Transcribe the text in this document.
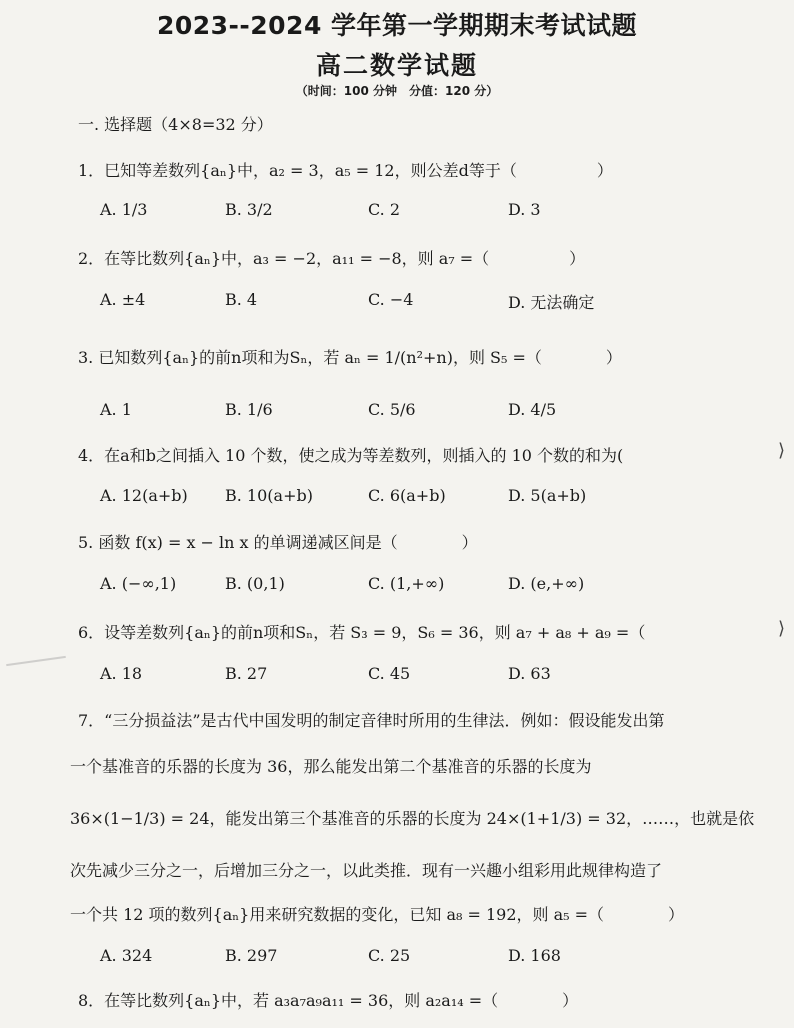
2023--2024 学年第一学期期末考试试题
高二数学试题
（时间：100 分钟　分值：120 分）
一. 选择题（4×8=32 分）
1．巳知等差数列{aₙ}中，a₂ = 3，a₅ = 12，则公差d等于（　　　　　）
A. 1/3	B. 3/2	C. 2	D. 3
2．在等比数列{aₙ}中，a₃ = −2，a₁₁ = −8，则 a₇ =（　　　　　）
A. ±4	B. 4	C. −4	D. 无法确定
3. 已知数列{aₙ}的前n项和为Sₙ，若 aₙ = 1/(n²+n)，则 S₅ =（　　　　）
A. 1	B. 1/6	C. 5/6	D. 4/5
4．在a和b之间插入 10 个数，使之成为等差数列，则插入的 10 个数的和为(
A. 12(a+b) B. 10(a+b)	C. 6(a+b)	D. 5(a+b)
⟩
5. 函数 f(x) = x − ln x 的单调递减区间是（　　　　）
A. (−∞,1)	B. (0,1)	C. (1,+∞)	D. (e,+∞)
6．设等差数列{aₙ}的前n项和Sₙ，若 S₃ = 9，S₆ = 36，则 a₇ + a₈ + a₉ =（
A. 18	B. 27	C. 45	D. 63
⟩
7．“三分损益法”是古代中国发明的制定音律时所用的生律法．例如：假设能发出第
一个基准音的乐器的长度为 36，那么能发出第二个基准音的乐器的长度为
36×(1−1/3) = 24，能发出第三个基准音的乐器的长度为 24×(1+1/3) = 32，……，也就是依
次先减少三分之一，后增加三分之一，以此类推．现有一兴趣小组彩用此规律构造了
一个共 12 项的数列{aₙ}用来研究数据的变化，已知 a₈ = 192，则 a₅ =（　　　　）
A. 324	B. 297	C. 25	D. 168
8．在等比数列{aₙ}中，若 a₃a₇a₉a₁₁ = 36，则 a₂a₁₄ =（　　　　）
